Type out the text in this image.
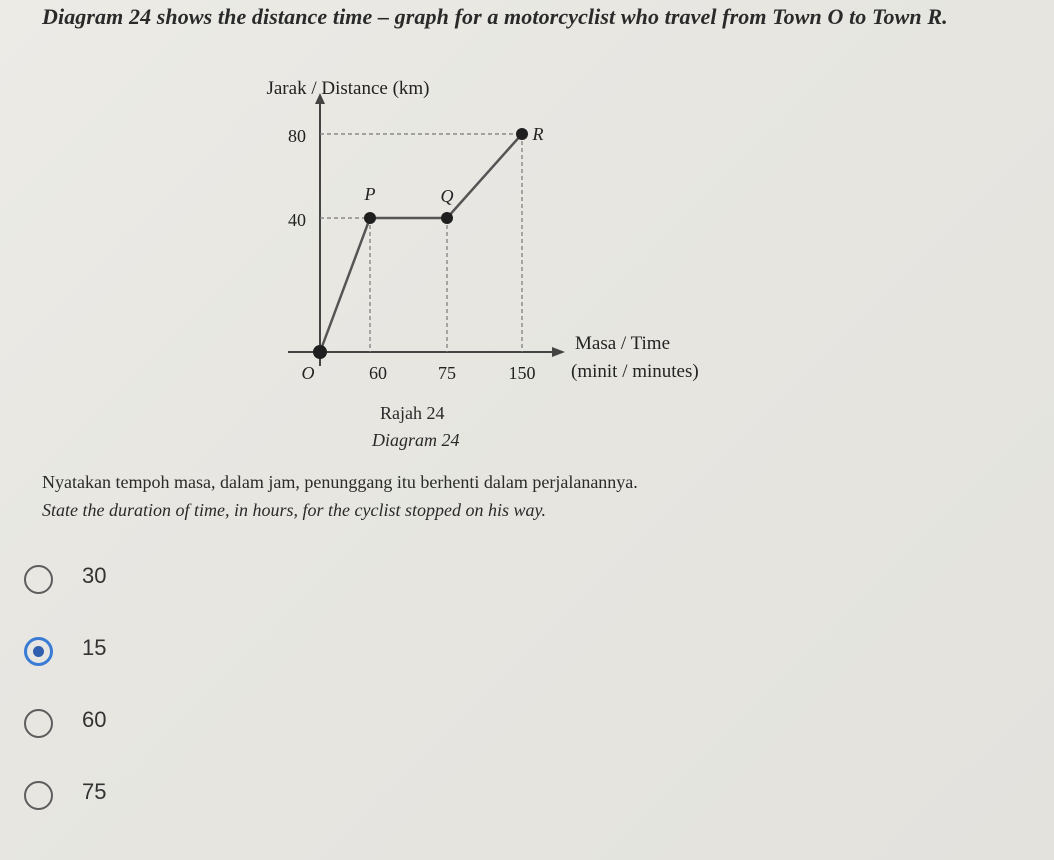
Diagram 24 shows the distance time – graph for a motorcyclist who travel from Town O to Town R.
P	Q
R
O	60	75	150
80
40
Jarak / Distance (km)
Masa / Time
(minit / minutes)
Rajah 24
Diagram 24
Nyatakan tempoh masa, dalam jam, penunggang itu berhenti dalam perjalanannya.
State the duration of time, in hours, for the cyclist stopped on his way.
30
15
60
75
